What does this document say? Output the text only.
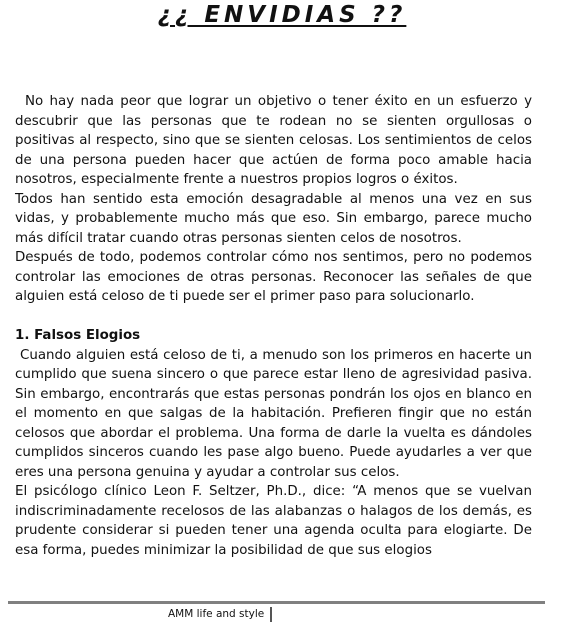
¿¿ ENVIDIAS ??

No hay nada peor que lograr un objetivo o tener éxito en un esfuerzo y descubrir que las personas que te rodean no se sienten orgullosas o positivas al respecto, sino que se sienten celosas. Los sentimientos de celos de una persona pueden hacer que actúen de forma poco amable hacia nosotros, especialmente frente a nuestros propios logros o éxitos.

Todos han sentido esta emoción desagradable al menos una vez en sus vidas, y probablemente mucho más que eso. Sin embargo, parece mucho más difícil tratar cuando otras personas sienten celos de nosotros.

Después de todo, podemos controlar cómo nos sentimos, pero no podemos controlar las emociones de otras personas. Reconocer las señales de que alguien está celoso de ti puede ser el primer paso para solucionarlo.

1. Falsos Elogios

Cuando alguien está celoso de ti, a menudo son los primeros en hacerte un cumplido que suena sincero o que parece estar lleno de agresividad pasiva. Sin embargo, encontrarás que estas personas pondrán los ojos en blanco en el momento en que salgas de la habitación. Prefieren fingir que no están celosos que abordar el problema. Una forma de darle la vuelta es dándoles cumplidos sinceros cuando les pase algo bueno. Puede ayudarles a ver que eres una persona genuina y ayudar a controlar sus celos.

El psicólogo clínico Leon F. Seltzer, Ph.D., dice: “A menos que se vuelvan indiscriminadamente recelosos de las alabanzas o halagos de los demás, es prudente considerar si pueden tener una agenda oculta para elogiarte. De esa forma, puedes minimizar la posibilidad de que sus elogios

AMM life and style
